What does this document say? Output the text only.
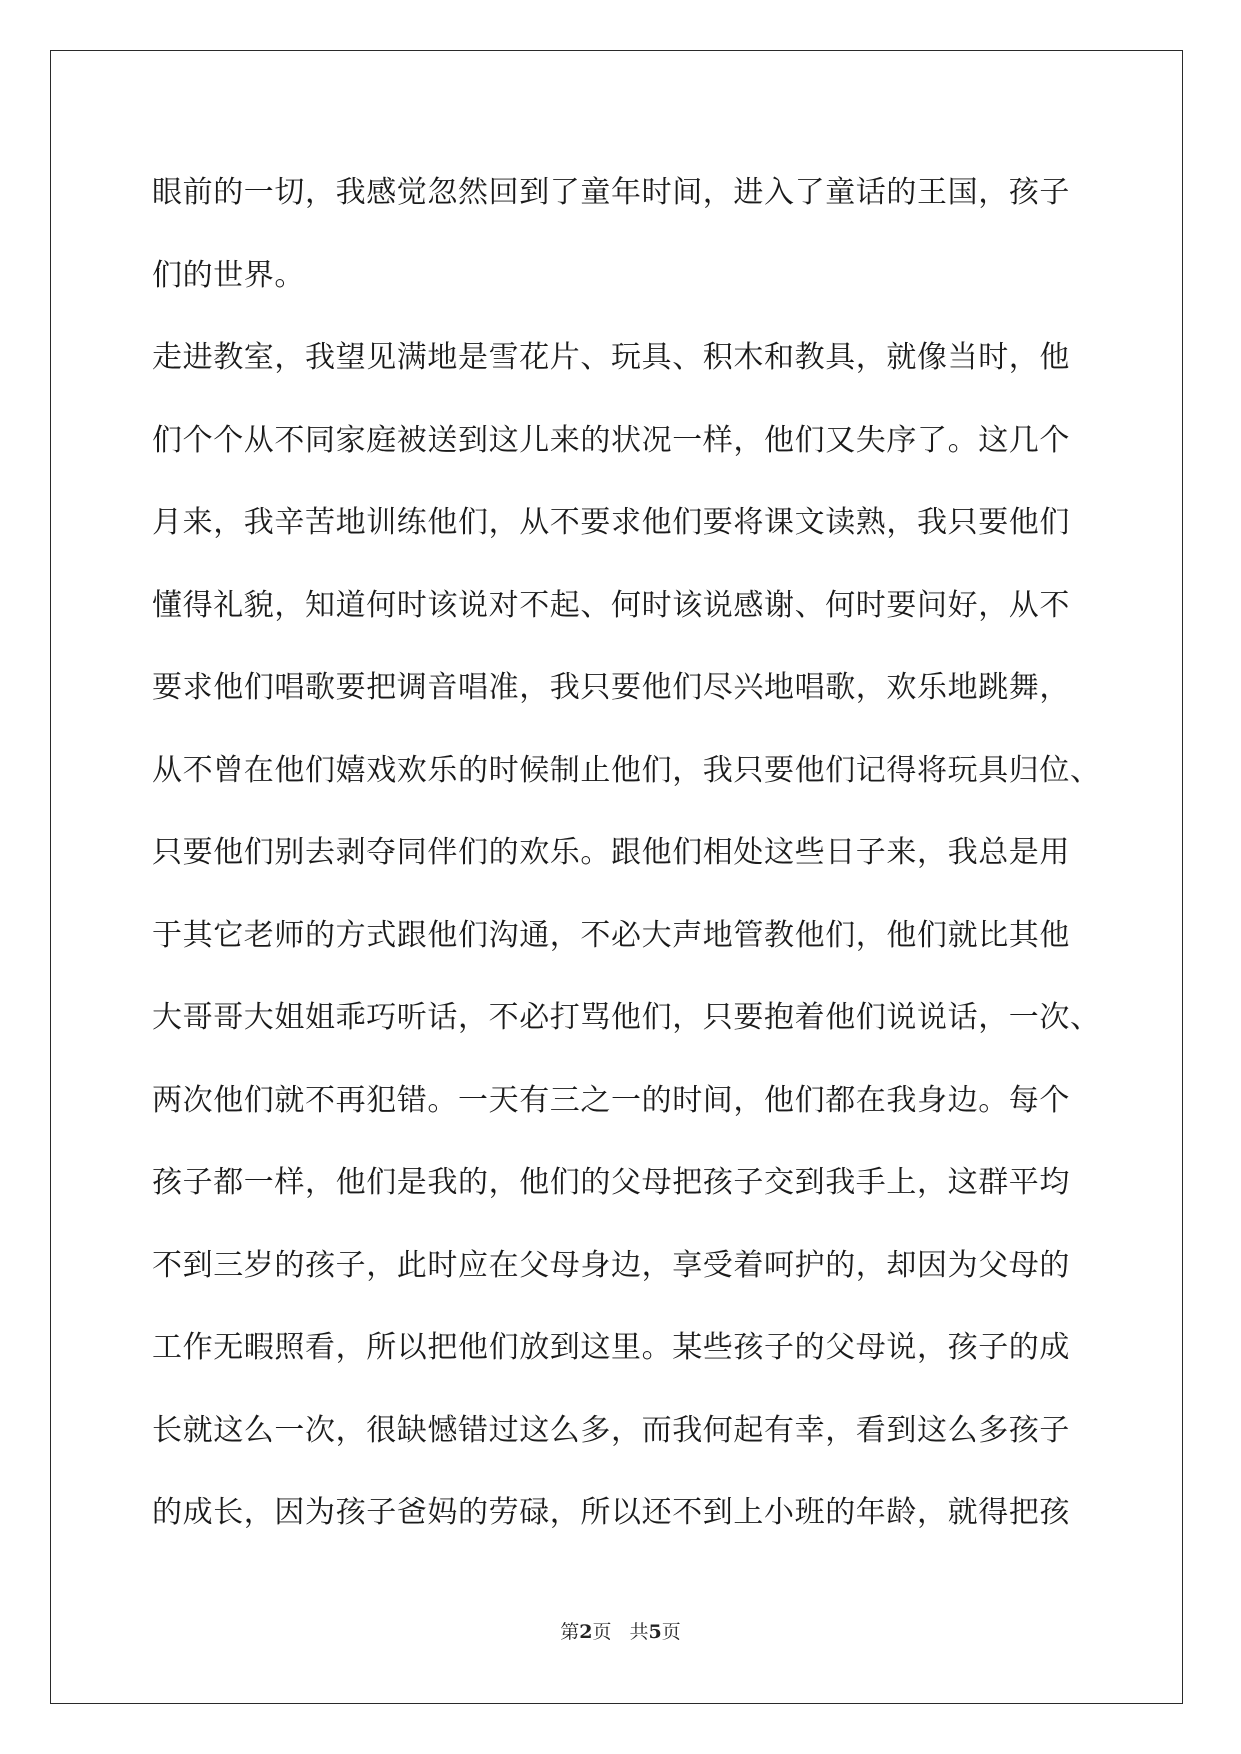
眼前的一切，我感觉忽然回到了童年时间，进入了童话的王国，孩子
们的世界。
走进教室，我望见满地是雪花片、玩具、积木和教具，就像当时，他
们个个从不同家庭被送到这儿来的状况一样，他们又失序了。这几个
月来，我辛苦地训练他们，从不要求他们要将课文读熟，我只要他们
懂得礼貌，知道何时该说对不起、何时该说感谢、何时要问好，从不
要求他们唱歌要把调音唱准，我只要他们尽兴地唱歌，欢乐地跳舞，
从不曾在他们嬉戏欢乐的时候制止他们，我只要他们记得将玩具归位、
只要他们别去剥夺同伴们的欢乐。跟他们相处这些日子来，我总是用
于其它老师的方式跟他们沟通，不必大声地管教他们，他们就比其他
大哥哥大姐姐乖巧听话，不必打骂他们，只要抱着他们说说话，一次、
两次他们就不再犯错。一天有三之一的时间，他们都在我身边。每个
孩子都一样，他们是我的，他们的父母把孩子交到我手上，这群平均
不到三岁的孩子，此时应在父母身边，享受着呵护的，却因为父母的
工作无暇照看，所以把他们放到这里。某些孩子的父母说，孩子的成
长就这么一次，很缺憾错过这么多，而我何起有幸，看到这么多孩子
的成长，因为孩子爸妈的劳碌，所以还不到上小班的年龄，就得把孩
第2页 共5页
